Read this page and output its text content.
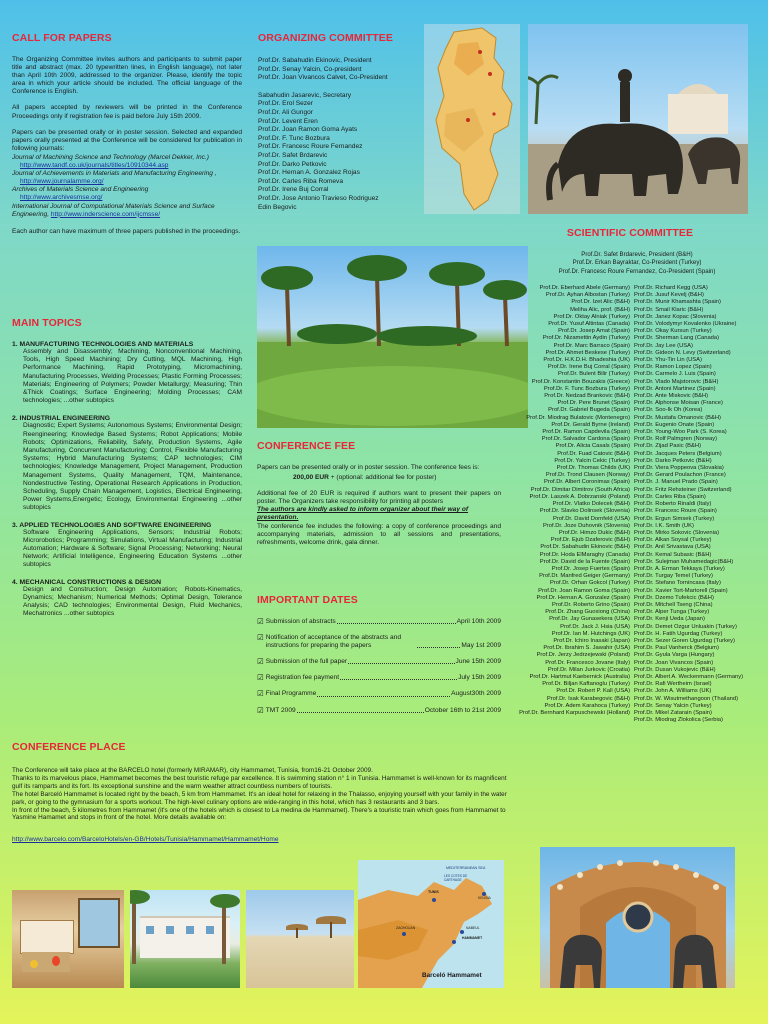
CALL FOR PAPERS

The Organizing Committee invites authors and participants to submit paper title and abstract (max. 20 typewritten lines, in English language), not later than April 10th 2009, addressed to the organizer. Please, identify the topic area in which your article should be included. The official language of the Conference is English.

All papers accepted by reviewers will be printed in the Conference Proceedings only if registration fee is paid before July 15th 2009.

Papers can be presented orally or in poster session. Selected and expanded papers orally presented at the Conference will be considered for publication in following journals:

Journal of Machining Science and Technology (Marcel Dekker, Inc.)
http://www.tandf.co.uk/journals/titles/10910344.asp
Journal of Achievements in Materials and Manufacturing Engineering ,
http://www.journalamme.org/
Archives of Materials Science and Engineering
http://www.archivesmse.org/
International Journal of Computational Materials Science and Surface Engineering, http://www.inderscience.com/ijcmsse/

Each author can have maximum of three papers published in the proceedings.

MAIN TOPICS
1. MANUFACTURING TECHNOLOGIES AND MATERIALS
Assembly and Disassembly; Machining, Nonconventional Machining, Tools, High Speed Machining; Dry Cutting, MQL Machining, High Performance Machining, Rapid Prototyping, Micromachining, Manufacturing Processes, Welding Processes; Plastic Forming Processes; Materials; Engineering of Polymers; Powder Metallurgy; Measuring; Thin &Thick Coatings; Surface Engineering; Molding Processes; CAM technologies; ...other subtopics
2. INDUSTRIAL ENGINEERING
Diagnostic; Expert Systems; Autonomous Systems; Environmental Design; Reengineering; Knowledge Based Systems; Robot Applications; Mobile Robots; Optimizations, Reliability, Safety, Production Systems, Agile Manufacturing, Concurrent Manufacturing; Control, Flexible Manufacturing Systems; Hybrid Manufacturing Systems; CAP technologies; CIM technologies; Knowledge Management, Project Management, Production Management Systems, Quality Management, TQM, Maintenance, Nondestructive Testing, Operational Research Applications in Production, Scheduling, Supply Chain Management, Logistics, Electrical Engineering, Power Systems,Energetic; Ecology, Environmental Engineering ...other subtopics
3. APPLIED TECHNOLOGIES AND SOFTWARE ENGINEERING
Software Engineering Applications, Sensors; Industrial Robots; Microrobotics; Programming; Simulations, Virtual Manufacturing; Industrial Automation; Hardware & Software; Signal Processing; Networking; Neural Network; Artificial Intelligence, Engineering Education Systems ...other subtopics
4. MECHANICAL CONSTRUCTIONS & DESIGN
Design and Construction; Design Automation; Robots-Kinematics, Dynamics; Mechanism; Numerical Methods; Optimal Design, Tolerance Analysis; CAD technologies; Environmental Design, Fluid Mechanics, Mechatronics ...other subtopics
CONFERENCE PLACE

The Conference will take place at the BARCELO hotel (formerly MIRAMAR), city Hammamet, Tunisia, from16-21 October 2009.

Thanks to its marvelous place, Hammamet becomes the best touristic refuge par excellence. It is swimming station n° 1 in Tunisia. Hammamet is well-known for its magnificent gulf its ramparts and its fort. Its exceptional sunshine and the warm weather attract countless numbers of tourists.

The hotel Barceló Hammamet is located right by the beach, 5 km from Hammamet. It's an ideal hotel for relaxing in the Thalasso, enjoying yourself with your family in the water park, or going to the gymnasium for a sports workout. The high-level culinary options are wide-ranging in this hotel, which has 3 restaurants and 3 bars.

In front of the beach, 5 kilometres from Hammamet (it's one of the hotels which is closest to La medina de Hammamet). There's a touristic train which goes from Hammamet to Yasmine Hamamet and stops in front of the hotel. More details available on:

http://www.barcelo.com/BarceloHotels/en-GB/Hotels/Tunisia/Hammamet/Hammamet/Home

ORGANIZING COMMITTEE
Prof.Dr. Sabahudin Ekinovic, President
Prof.Dr. Senay Yalcin, Co-president
Prof.Dr. Joan Vivancos Calvet, Co-President
Sabahudin Jasarevic, Secretary
Prof.Dr. Erol Sezer
Prof.Dr. Ali Gungor
Prof.Dr. Levent Eren
Prof.Dr. Joan Ramon Goma Ayats
Prof.Dr. F. Tunc Bozbura
Prof.Dr. Francesc Roure Fernandez
Prof.Dr. Safet Brdarevic
Prof.Dr. Darko Petkovic
Prof.Dr. Hernan A. Gonzalez Rojas
Prof.Dr. Carles Riba Romeva
Prof.Dr. Irene Buj Corral
Prof.Dr. Jose Antonio Travieso Rodriguez
Edin Begovic
CONFERENCE FEE

Papers can be presented orally or in poster session. The conference fees is:

200,00 EUR + (optional: additional fee for poster)

Additional fee of 20 EUR is required if authors want to present their papers on poster. The Organizers take responsibility for printing all posters

The authors are kindly asked to inform organizer about their way of presentation.

The conference fee includes the following: a copy of conference proceedings and accompanying materials, admission to all sessions and presentations, refreshments, welcome drink, gala dinner.

IMPORTANT DATES
☑ Submission of abstracts	April 10th 2009
☑ Notification of acceptance of the abstracts and instructions for preparing the papers	May 1st 2009
☑ Submission of the full paper	June 15th 2009
☑ Registration fee payment	July 15th 2009
☑ Final Programme	August30th 2009
☑ TMT 2009	October 16th to 21st 2009
SCIENTIFIC COMMITTEE
Prof.Dr. Safet Brdarevic, President (B&H)
Prof.Dr. Erkan Bayraktar, Co-President (Turkey)
Prof.Dr. Francesc Roure Fernandez, Co-President (Spain)
Prof.Dr. Eberhard Abele (Germany)
Prof.Dr. Ayhan Albostan (Turkey)
Prof.Dr. Izet Alic (B&H)
Meliha Alic, prof. (B&H)
Prof.Dr. Oktay Alniak (Turkey)
Prof.Dr. Yusuf Altintas (Canada)
Prof.Dr. Josep Amat (Spain)
Prof.Dr. Nizamettin Aydin (Turkey)
Prof.Dr. Marc Barraco (Spain)
Prof.Dr. Ahmet Beskese (Turkey)
Prof.Dr. H.K.D.H. Bhadeshia (UK)
Prof.Dr. Irene Buj Corral (Spain)
Prof.Dr. Bulent Bilir (Turkey)
Prof.Dr. Konstantin Bouzakis (Greece)
Prof.Dr. F. Tunc Bozbura (Turkey)
Prof.Dr. Nedzad Brankovic (B&H)
Prof.Dr. Pere Brunet (Spain)
Prof.Dr. Gabriel Bugeda (Spain)
Prof.Dr. Miodrag Bulatovic (Montenegro)
Prof.Dr. Gerald Byrne (Ireland)
Prof.Dr. Ramon Capdevila (Spain)
Prof.Dr. Salvador Cardona (Spain)
Prof.Dr. Alicia Casals (Spain)
Prof.Dr. Fuad Catovic (B&H)
Prof.Dr. Yalcin Cekic (Turkey)
Prof.Dr. Thomas Childs (UK)
Prof.Dr. Trond Clausen (Norway)
Prof.Dr. Albert Coronimas (Spain)
Prof.Dr. Dimitar Dimitrov (South Africa)
Prof.Dr. Laszek A. Dobrzanski (Poland)
Prof.Dr. Vlatko Dolecek (B&H)
Prof.Dr. Slavko Dolinsek (Slovenia)
Prof.Dr. David Dornfeld (USA)
Prof.Dr. Joze Duhovnik (Slovenia)
Prof.Dr. Himzo Dukic (B&H)
Prof.Dr. Ejub Dzaferovic (B&H)
Prof.Dr. Sabahudin Ekinovic (B&H)
Prof.Dr. Hoda ElMaraghy (Canada)
Prof.Dr. David de la Fuente (Spain)
Prof.Dr. Josep Fuertes (Spain)
Prof.Dr. Manfred Geiger (Germany)
Prof.Dr. Orhan Gokcol (Turkey)
Prof.Dr. Joan Ramon Goma (Spain)
Prof.Dr. Hernan A. Gonzalez (Spain)
Prof.Dr. Roberto Grino (Spain)
Prof.Dr. Zhang Guoxiong (China)
Prof.Dr. Jay Gunasekera (USA)
Prof.Dr. Jack J. Hsia (USA)
Prof.Dr. Ian M. Hutchings (UK)
Prof.Dr. Ichiro Inasaki (Japan)
Prof.Dr. Ibrahim S. Jawahir (USA)
Prof.Dr. Jerzy Jedrzejewski (Poland)
Prof.Dr. Francesco Jovane (Italy)
Prof.Dr. Milan Jurkovic (Croatia)
Prof.Dr. Hartmut Kaebernick (Australia)
Prof.Dr. Biljan Kaftanoglu (Turkey)
Prof.Dr. Robert P. Kall (USA)
Prof.Dr. Isak Karabegovic (B&H)
Prof.Dr. Adem Karahoca (Turkey)
Prof.Dr. Bernhard Karpuschewski (Holland)
Prof.Dr. Richard Kegg (USA)
Prof.Dr. Jusuf Kevelj (B&H)
Prof.Dr. Munir Khamashta (Spain)
Prof.Dr. Smail Klaric (B&H)
Prof.Dr. Janez Kopac (Slovenia)
Prof.Dr. Volodymyr Kovalenko (Ukraine)
Prof.Dr. Okay Kursun (Turkey)
Prof.Dr. Sherman Lang (Canada)
Prof.Dr. Jay Lee (USA)
Prof.Dr. Gideon N. Levy (Switzerland)
Prof.Dr. Yhu-Tin Lin (USA)
Prof.Dr. Ramon Lopez (Spain)
Prof.Dr. Carmelo J. Luis (Spain)
Prof.Dr. Vlado Majstorovic (B&H)
Prof.Dr. Antoni Martinez (Spain)
Prof.Dr. Ante Miskovic (B&H)
Prof.Dr. Alphonse Moisan (France)
Prof.Dr. Soo-Ik Oh (Korea)
Prof.Dr. Mustafa Omanovic (B&H)
Prof.Dr. Eugenio Onate (Spain)
Prof.Dr. Young-Woo Park (S. Korea)
Prof.Dr. Rolf Palmgren (Norway)
Prof.Dr. Zijad Pasic (B&H)
Prof.Dr. Jacques Peters (Belgium)
Prof.Dr. Darko Petkovic (B&H)
Prof.Dr. Viera Poppeova (Slovakia)
Prof.Dr. Gerard Poulachon (France)
Prof.Dr. J. Manuel Prado (Spain)
Prof.Dr. Fritz Rehsteiner (Switzerland)
Prof.Dr. Carles Riba (Spain)
Prof.Dr. Roberto Rinaldi (Italy)
Prof.Dr. Francesc Roure (Spain)
Prof.Dr. Ergun Simsek (Turkey)
Prof.Dr. I.K. Smith (UK)
Prof.Dr. Mirko Sokovic (Slovenia)
Prof.Dr. Alkan Soysal (Turkey)
Prof.Dr. Anil Srivastava (USA)
Prof.Dr. Kemal Subasic (B&H)
Prof.Dr. Sulejman Muhamedagic(B&H)
Prof.Dr. A. Erman Tekkaya (Turkey)
Prof.Dr. Turgay Temel (Turkey)
Prof.Dr. Stefano Tornincasa (Italy)
Prof.Dr. Xavier Tort-Martorell (Spain)
Prof.Dr. Dzemo Tufekcic (B&H)
Prof.Dr. Mitchell Tseng (China)
Prof.Dr. Alper Tunga (Turkey)
Prof.Dr. Kenji Ueda (Japan)
Prof.Dr. Demet Ozgur Unluakin (Turkey)
Prof.Dr. H. Fatih Ugurdag (Turkey)
Prof.Dr. Sezer Goren Ugurdag (Turkey)
Prof.Dr. Paul Vanherck (Belgium)
Prof.Dr. Gyula Varga (Hungary)
Prof.Dr. Joan Vivancos (Spain)
Prof.Dr. Dusan Vukojevic (B&H)
Prof.Dr. Albert A. Weckenmann (Germany)
Prof.Dr. Rafi Wertheim (Israel)
Prof.Dr. John A. Williams (UK)
Prof.Dr. W. Wisutmethangoon (Thailand)
Prof.Dr. Senay Yalcin (Turkey)
Prof.Dr. Mikel Zatarain (Spain)
Prof.Dr. Miodrag Zlokolica (Serbia)
MEDITERRANEAN SEA
LES COTES DE CARTHAGE
TUNIS
KELIBIA
NABEUL
HAMMAMET
ZAGHOUAN
Barceló Hammamet
